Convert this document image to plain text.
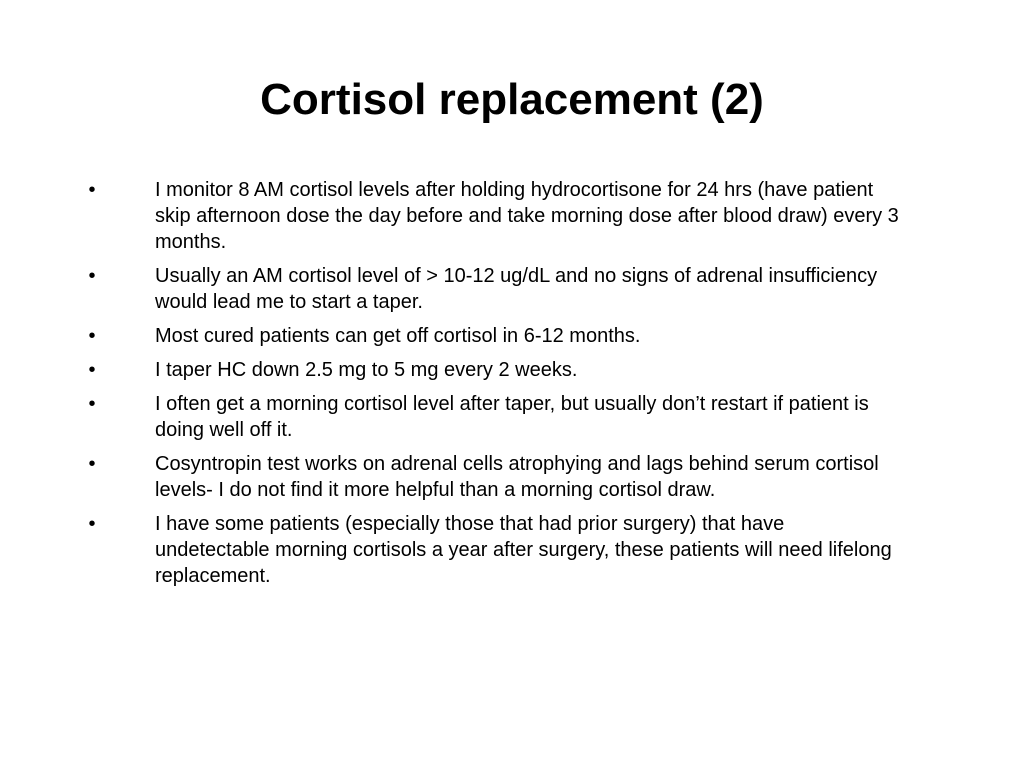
Cortisol replacement (2)
•	I monitor 8 AM cortisol levels after holding hydrocortisone for 24 hrs (have patient skip afternoon dose the day before and take morning dose after blood draw) every 3 months.
•	Usually an AM cortisol level of > 10-12 ug/dL and no signs of adrenal insufficiency would lead me to start a taper.
•	Most cured patients can get off cortisol in 6-12 months.
•	I taper HC down 2.5 mg to 5 mg every 2 weeks.
•	I often get a morning cortisol level after taper, but usually don’t restart if patient is doing well off it.
•	Cosyntropin test works on adrenal cells atrophying and lags behind serum cortisol levels- I do not find it more helpful than a morning cortisol draw.
•	I have some patients (especially those that had prior surgery) that have undetectable morning cortisols a year after surgery, these patients will need lifelong replacement.
